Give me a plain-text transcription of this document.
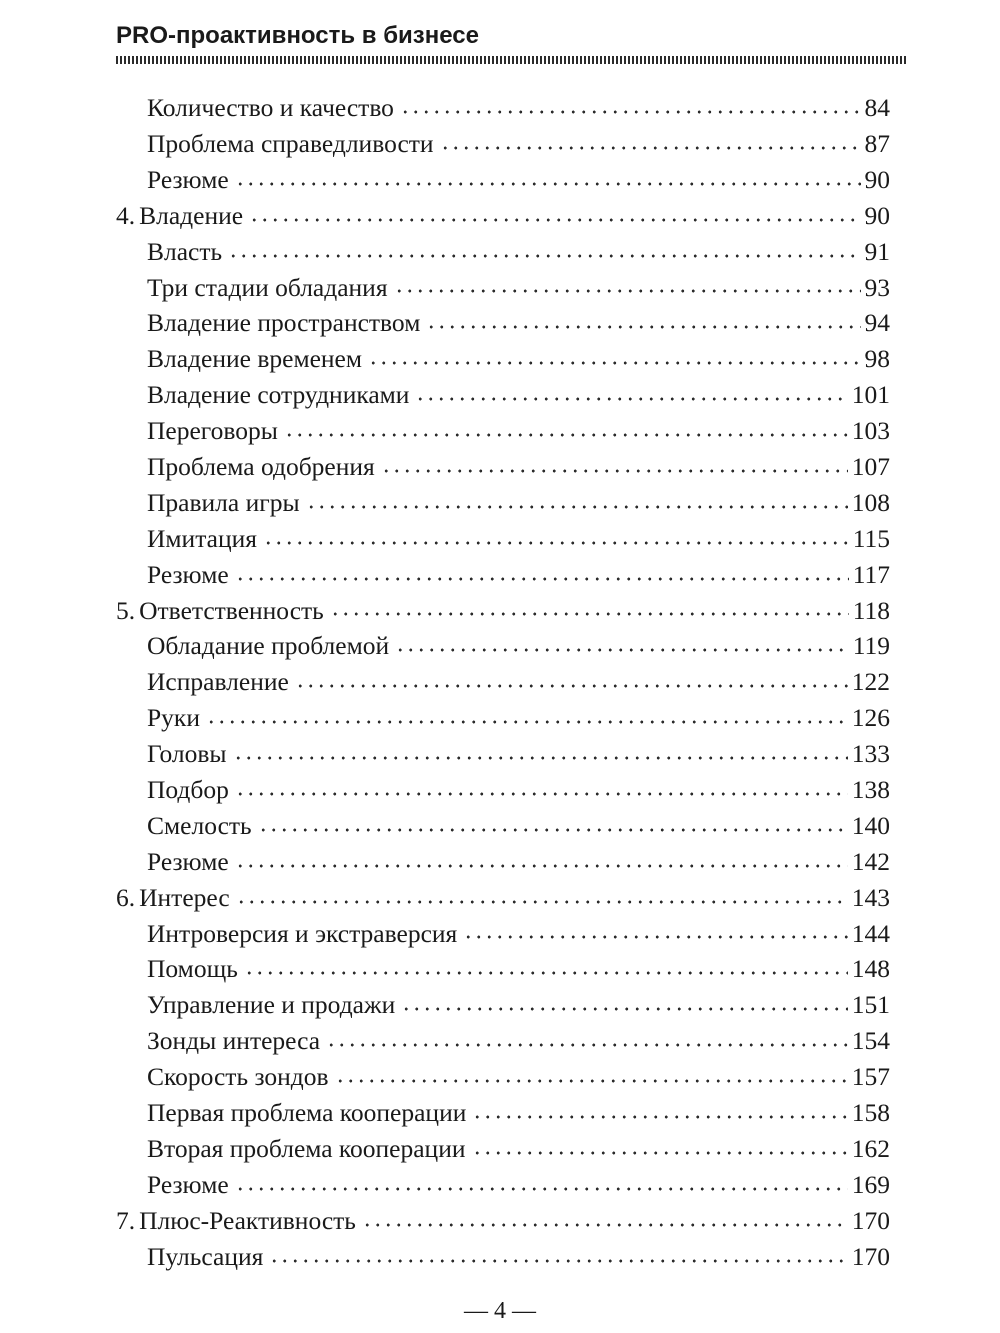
PRO-проактивность в бизнесе
Количество и качество	84
Проблема справедливости	87
Резюме	90
4. Владение	90
Власть	91
Три стадии обладания	93
Владение пространством	94
Владение временем	98
Владение сотрудниками	101
Переговоры	103
Проблема одобрения	107
Правила игры	108
Имитация	115
Резюме	117
5. Ответственность	118
Обладание проблемой	119
Исправление	122
Руки	126
Головы	133
Подбор	138
Смелость	140
Резюме	142
6. Интерес	143
Интроверсия и экстраверсия	144
Помощь	148
Управление и продажи	151
Зонды интереса	154
Скорость зондов	157
Первая проблема кооперации	158
Вторая проблема кооперации	162
Резюме	169
7. Плюс-Реактивность	170
Пульсация	170
— 4 —
